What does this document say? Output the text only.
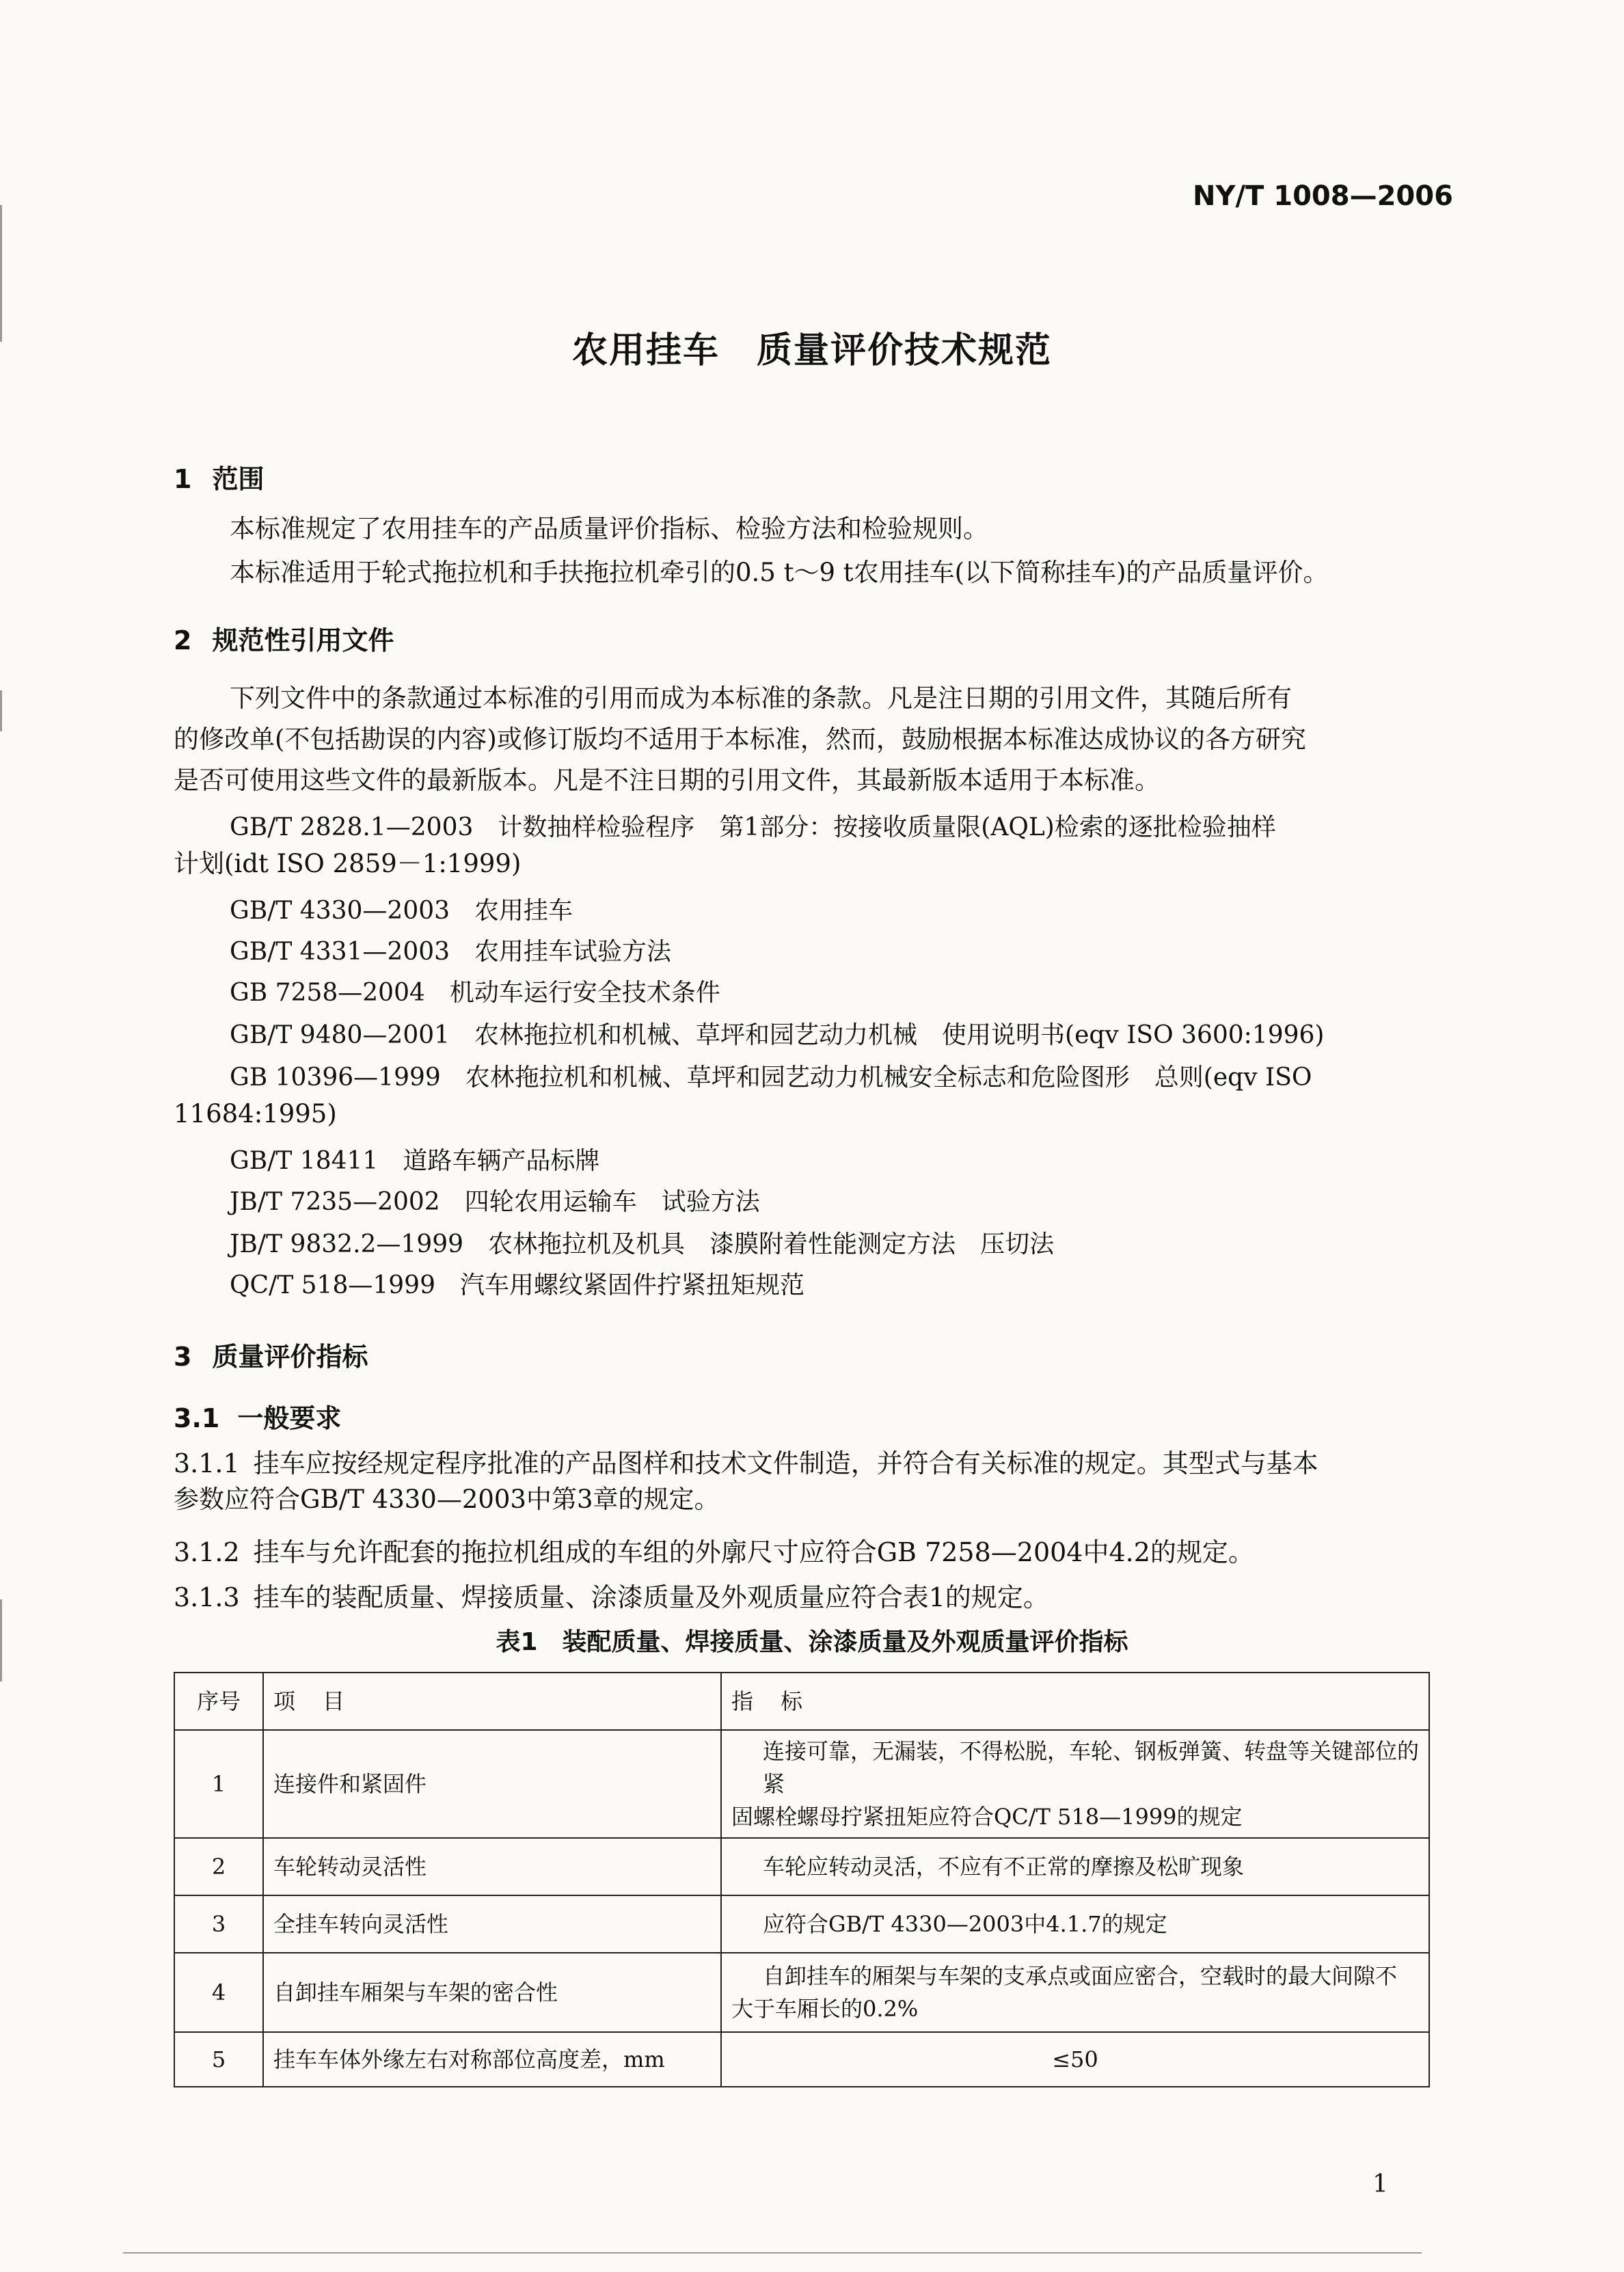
NY/T 1008—2006
农用挂车　质量评价技术规范
1 范围

本标准规定了农用挂车的产品质量评价指标、检验方法和检验规则。

本标准适用于轮式拖拉机和手扶拖拉机牵引的0.5 t～9 t农用挂车(以下简称挂车)的产品质量评价。

2 规范性引用文件

下列文件中的条款通过本标准的引用而成为本标准的条款。凡是注日期的引用文件，其随后所有

的修改单(不包括勘误的内容)或修订版均不适用于本标准，然而，鼓励根据本标准达成协议的各方研究

是否可使用这些文件的最新版本。凡是不注日期的引用文件，其最新版本适用于本标准。

GB/T 2828.1—2003 计数抽样检验程序　第1部分：按接收质量限(AQL)检索的逐批检验抽样

计划(idt ISO 2859－1:1999)

GB/T 4330—2003 农用挂车
GB/T 4331—2003 农用挂车试验方法
GB 7258—2004 机动车运行安全技术条件
GB/T 9480—2001 农林拖拉机和机械、草坪和园艺动力机械　使用说明书(eqv ISO 3600:1996)
GB 10396—1999 农林拖拉机和机械、草坪和园艺动力机械安全标志和危险图形　总则(eqv ISO

11684:1995)

GB/T 18411 道路车辆产品标牌
JB/T 7235—2002 四轮农用运输车　试验方法
JB/T 9832.2—1999 农林拖拉机及机具　漆膜附着性能测定方法　压切法
QC/T 518—1999 汽车用螺纹紧固件拧紧扭矩规范
3 质量评价指标
3.1 一般要求
3.1.1 挂车应按经规定程序批准的产品图样和技术文件制造，并符合有关标准的规定。其型式与基本

参数应符合GB/T 4330—2003中第3章的规定。

3.1.2 挂车与允许配套的拖拉机组成的车组的外廓尺寸应符合GB 7258—2004中4.2的规定。
3.1.3 挂车的装配质量、焊接质量、涂漆质量及外观质量应符合表1的规定。
表1　装配质量、焊接质量、涂漆质量及外观质量评价指标
序号	项目	指标
1	连接件和紧固件	连接可靠，无漏装，不得松脱，车轮、钢板弹簧、转盘等关键部位的紧
固螺栓螺母拧紧扭矩应符合QC/T 518—1999的规定

2	车轮转动灵活性	车轮应转动灵活，不应有不正常的摩擦及松旷现象

3	全挂车转向灵活性	应符合GB/T 4330—2003中4.1.7的规定

4	自卸挂车厢架与车架的密合性	自卸挂车的厢架与车架的支承点或面应密合，空载时的最大间隙不
大于车厢长的0.2%

5	挂车车体外缘左右对称部位高度差，mm	≤50
1
